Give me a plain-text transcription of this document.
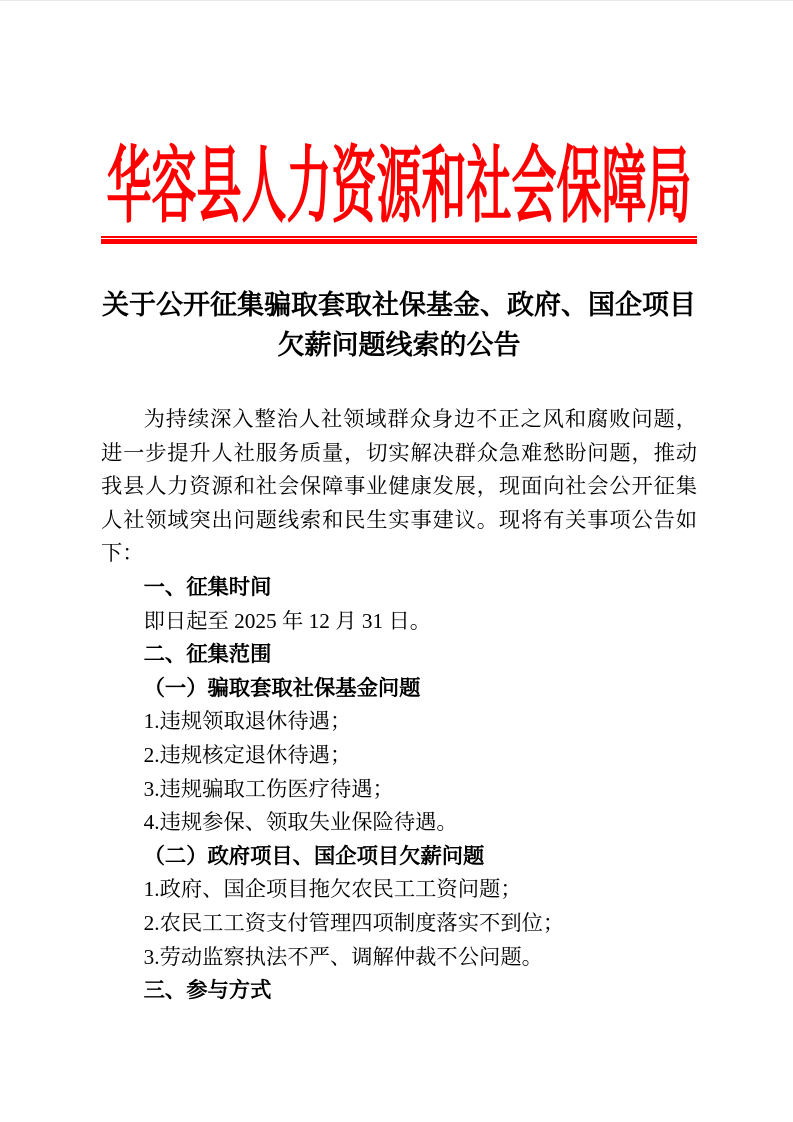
华容县人力资源和社会保障局
关于公开征集骗取套取社保基金、政府、国企项目
欠薪问题线索的公告

为持续深入整治人社领域群众身边不正之风和腐败问题，进一步提升人社服务质量，切实解决群众急难愁盼问题，推动我县人力资源和社会保障事业健康发展，现面向社会公开征集人社领域突出问题线索和民生实事建议。现将有关事项公告如下：

一、征集时间

即日起至 2025 年 12 月 31 日。

二、征集范围

（一）骗取套取社保基金问题

1.违规领取退休待遇；

2.违规核定退休待遇；

3.违规骗取工伤医疗待遇；

4.违规参保、领取失业保险待遇。

（二）政府项目、国企项目欠薪问题

1.政府、国企项目拖欠农民工工资问题；

2.农民工工资支付管理四项制度落实不到位；

3.劳动监察执法不严、调解仲裁不公问题。

三、参与方式
